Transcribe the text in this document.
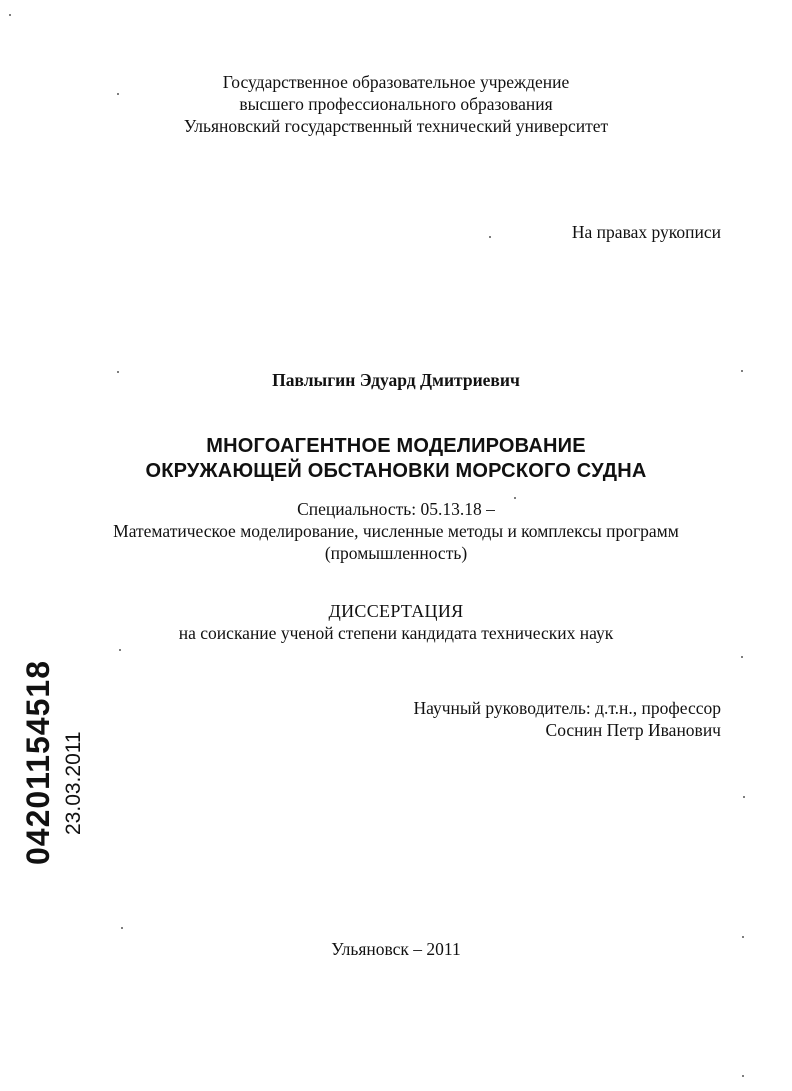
Государственное образовательное учреждение
высшего профессионального образования
Ульяновский государственный технический университет
На правах рукописи
Павлыгин Эдуард Дмитриевич
МНОГОАГЕНТНОЕ МОДЕЛИРОВАНИЕ
ОКРУЖАЮЩЕЙ ОБСТАНОВКИ МОРСКОГО СУДНА
Специальность: 05.13.18 –
Математическое моделирование, численные методы и комплексы программ
(промышленность)
ДИССЕРТАЦИЯ
на соискание ученой степени кандидата технических наук
Научный руководитель: д.т.н., профессор
Соснин Петр Иванович
Ульяновск – 2011
04201154518 23.03.2011
